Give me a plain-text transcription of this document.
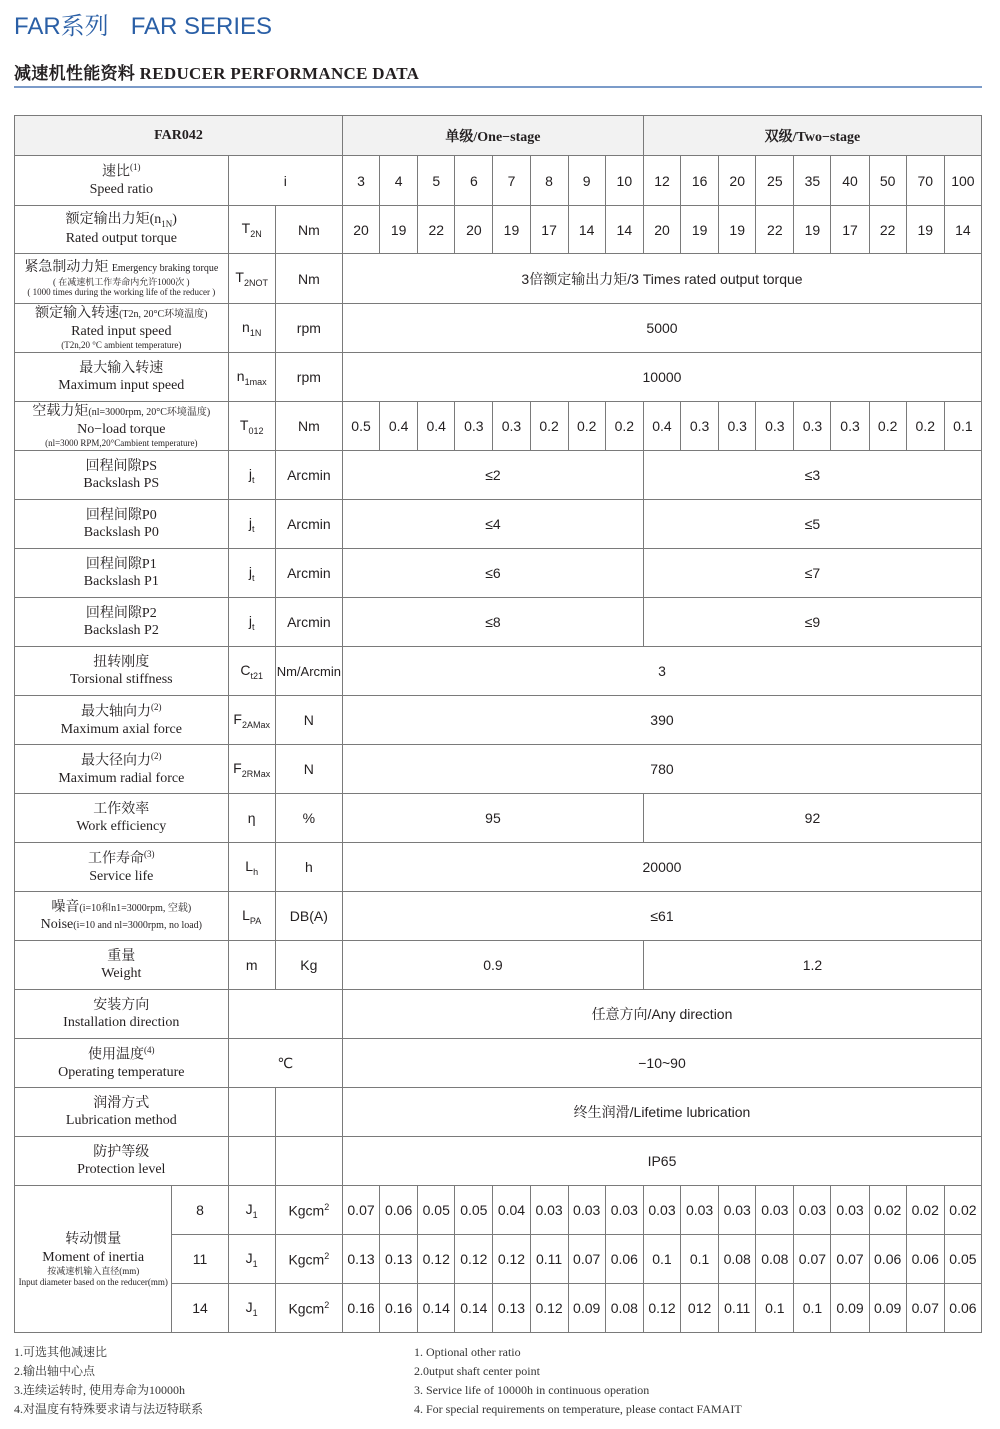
FAR系列 FAR SERIES
减速机性能资料 REDUCER PERFORMANCE DATA
FAR042				单级/One−stage								双级/Two−stage								

速比$^{(1)}$
Speed ratio		i		3	4	5	6	7	8	9	10	12	16	20	25	35	40	50	70	100

额定输出力矩$(n_{1N})$
Rated output torque		$T_{2N}$	Nm	20	19	22	20	19	17	14	14	20	19	19	22	19	17	22	19	14

紧急制动力矩 Emergency braking torque
( 在减速机工作寿命内允许1000次 )
( 1000 times during the working life of the reducer )		$T_{2NOT}$	Nm	3倍额定输出力矩/3 Times rated output torque																

额定输入转速(T2n, 20°C环境温度)
Rated input speed
(T2n,20 °C ambient temperature)		$n_{1N}$	rpm	5000																

最大输入转速
Maximum input speed		$n_{1max}$	rpm	10000																

空载力矩(nl=3000rpm, 20°C环境温度)
No−load torque
(nl=3000 RPM,20°Cambient temperature)		$T_{012}$	Nm	0.5	0.4	0.4	0.3	0.3	0.2	0.2	0.2	0.4	0.3	0.3	0.3	0.3	0.3	0.2	0.2	0.1

回程间隙PS
Backslash PS		$j_t$	Arcmin	≤2								≤3								

回程间隙P0
Backslash P0		$j_t$	Arcmin	≤4								≤5								

回程间隙P1
Backslash P1		$j_t$	Arcmin	≤6								≤7								

回程间隙P2
Backslash P2		$j_t$	Arcmin	≤8								≤9								

扭转刚度
Torsional stiffness		$C_{t21}$	Nm/Arcmin	3																

最大轴向力$^{(2)}$
Maximum axial force		$F_{2AMax}$	N	390																

最大径向力$^{(2)}$
Maximum radial force		$F_{2RMax}$	N	780																

工作效率
Work efficiency		η	%	95								92								

工作寿命$^{(3)}$
Service life		$L_h$	h	20000																

噪音(i=10和n1=3000rpm, 空载)
Noise(i=10 and nl=3000rpm, no load)		$L_{PA}$	DB(A)	≤61																

重量
Weight		m	Kg	0.9								1.2								

安装方向
Installation direction				任意方向/Any direction																

使用温度$^{(4)}$
Operating temperature		℃		−10~90																

润滑方式
Lubrication method				终生润滑/Lifetime lubrication																

防护等级
Protection level				IP65																

转动惯量
Moment of inertia
按减速机输入直径(mm)
Input diameter based on the reducer(mm)	8	$J_1$	Kgcm$^2$	0.07	0.06	0.05	0.05	0.04	0.03	0.03	0.03	0.03	0.03	0.03	0.03	0.03	0.03	0.02	0.02	0.02
	11	$J_1$	Kgcm$^2$	0.13	0.13	0.12	0.12	0.12	0.11	0.07	0.06	0.1	0.1	0.08	0.08	0.07	0.07	0.06	0.06	0.05
	14	$J_1$	Kgcm$^2$	0.16	0.16	0.14	0.14	0.13	0.12	0.09	0.08	0.12	012	0.11	0.1	0.1	0.09	0.09	0.07	0.06
1.可选其他减速比
2.输出轴中心点
3.连续运转时, 使用寿命为10000h
4.对温度有特殊要求请与法迈特联系
1. Optional other ratio
2.0utput shaft center point
3. Service life of 10000h in continuous operation
4. For special requirements on temperature, please contact FAMAIT
